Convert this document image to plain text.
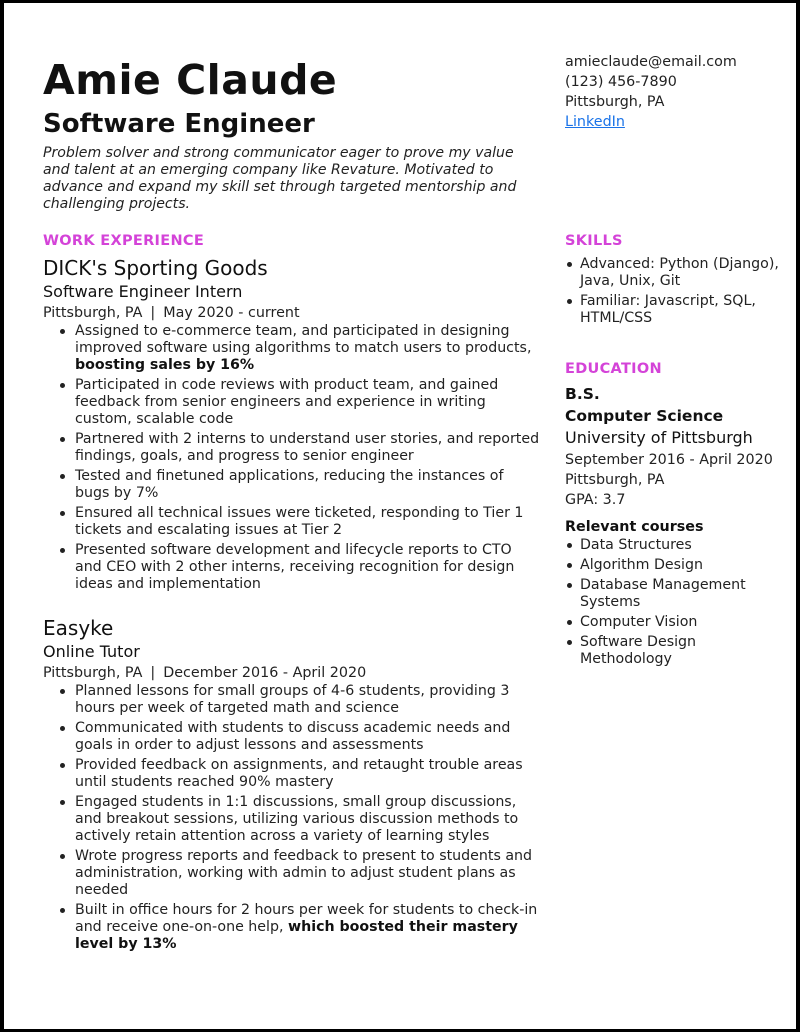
Amie Claude
Software Engineer
Problem solver and strong communicator eager to prove my value and talent at an emerging company like Revature. Motivated to advance and expand my skill set through targeted mentorship and challenging projects.
amieclaude@email.com
(123) 456-7890
Pittsburgh, PA
LinkedIn
WORK EXPERIENCE
DICK's Sporting Goods
Software Engineer Intern
Pittsburgh, PA | May 2020 - current
Assigned to e-commerce team, and participated in designing improved software using algorithms to match users to products, boosting sales by 16%
Participated in code reviews with product team, and gained feedback from senior engineers and experience in writing custom, scalable code
Partnered with 2 interns to understand user stories, and reported findings, goals, and progress to senior engineer
Tested and finetuned applications, reducing the instances of bugs by 7%
Ensured all technical issues were ticketed, responding to Tier 1 tickets and escalating issues at Tier 2
Presented software development and lifecycle reports to CTO and CEO with 2 other interns, receiving recognition for design ideas and implementation
Easyke
Online Tutor
Pittsburgh, PA | December 2016 - April 2020
Planned lessons for small groups of 4-6 students, providing 3 hours per week of targeted math and science
Communicated with students to discuss academic needs and goals in order to adjust lessons and assessments
Provided feedback on assignments, and retaught trouble areas until students reached 90% mastery
Engaged students in 1:1 discussions, small group discussions, and breakout sessions, utilizing various discussion methods to actively retain attention across a variety of learning styles
Wrote progress reports and feedback to present to students and administration, working with admin to adjust student plans as needed
Built in office hours for 2 hours per week for students to check-in and receive one-on-one help, which boosted their mastery level by 13%
SKILLS
Advanced: Python (Django), Java, Unix, Git
Familiar: Javascript, SQL, HTML/CSS
EDUCATION
B.S.
Computer Science
University of Pittsburgh
September 2016 - April 2020
Pittsburgh, PA
GPA: 3.7
Relevant courses
Data Structures
Algorithm Design
Database Management Systems
Computer Vision
Software Design Methodology
